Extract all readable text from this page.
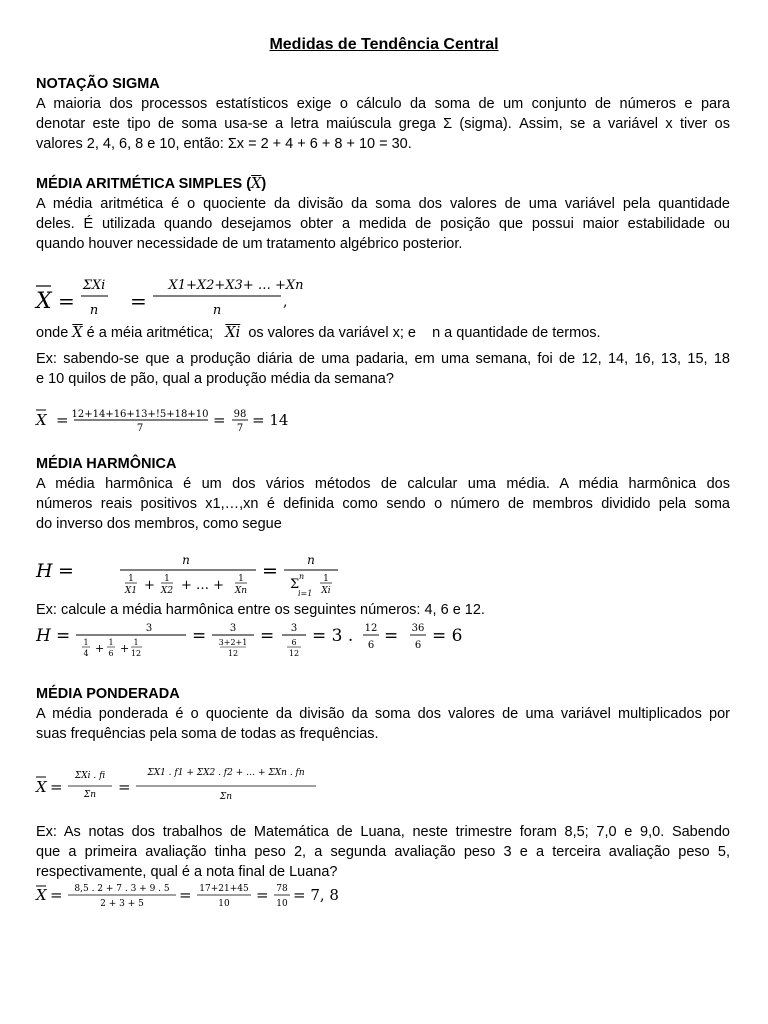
Medidas de Tendência Central
NOTAÇÃO SIGMA
A maioria dos processos estatísticos exige o cálculo da soma de um conjunto de números e para
denotar este tipo de soma usa-se a letra maiúscula grega Σ (sigma). Assim, se a variável x tiver os
valores 2, 4, 6, 8 e 10, então: Σx = 2 + 4 + 6 + 8 + 10 = 30.
MÉDIA ARITMÉTICA SIMPLES $(\overline{X})$
A média aritmética é o quociente da divisão da soma dos valores de uma variável pela quantidade
deles. É utilizada quando desejamos obter a medida de posição que possui maior estabilidade ou
quando houver necessidade de um tratamento algébrico posterior.
X =
ΣXi
n =
X1+X2+X3+ … +Xn
n
,
onde $\overline{X}$ é a méia aritmética; $\overline{Xi}$ os valores da variável x; e n a quantidade de termos.
Ex: sabendo-se que a produção diária de uma padaria, em uma semana, foi de 12, 14, 16, 13, 15, 18
e 10 quilos de pão, qual a produção média da semana?
X = 12+14+16+13+!5+18+10
7	= 98
7 = 14
MÉDIA HARMÔNICA
A média harmônica é um dos vários métodos de calcular uma média. A média harmônica dos
números reais positivos x1,…,xn é definida como sendo o número de membros dividido pela soma
do inverso dos membros, como segue
H =	n
1
X1 + 1
X2 + … + 1
Xn
= n
Σ
n
i=1
1
Xi
Ex: calcule a média harmônica entre os seguintes números: 4, 6 e 12.
H =	3
1
4 + 1
6 + 1
12
= 3
3+2+1
12
= 3
6
12
= 3 . 12
6 = 36
6 = 6
MÉDIA PONDERADA
A média ponderada é o quociente da divisão da soma dos valores de uma variável multiplicados por
suas frequências pela soma de todas as frequências.
X =
ΣXi . fi
Σn =
ΣX1 . f1 + ΣX2 . f2 + … + ΣXn . fn
Σn
Ex: As notas dos trabalhos de Matemática de Luana, neste trimestre foram 8,5; 7,0 e 9,0. Sabendo
que a primeira avaliação tinha peso 2, a segunda avaliação peso 3 e a terceira avaliação peso 5,
respectivamente, qual é a nota final de Luana?
X = 8,5 . 2 + 7 . 3 + 9 . 5
2 + 3 + 5 = 17+21+45
10 = 78
10 = 7, 8
